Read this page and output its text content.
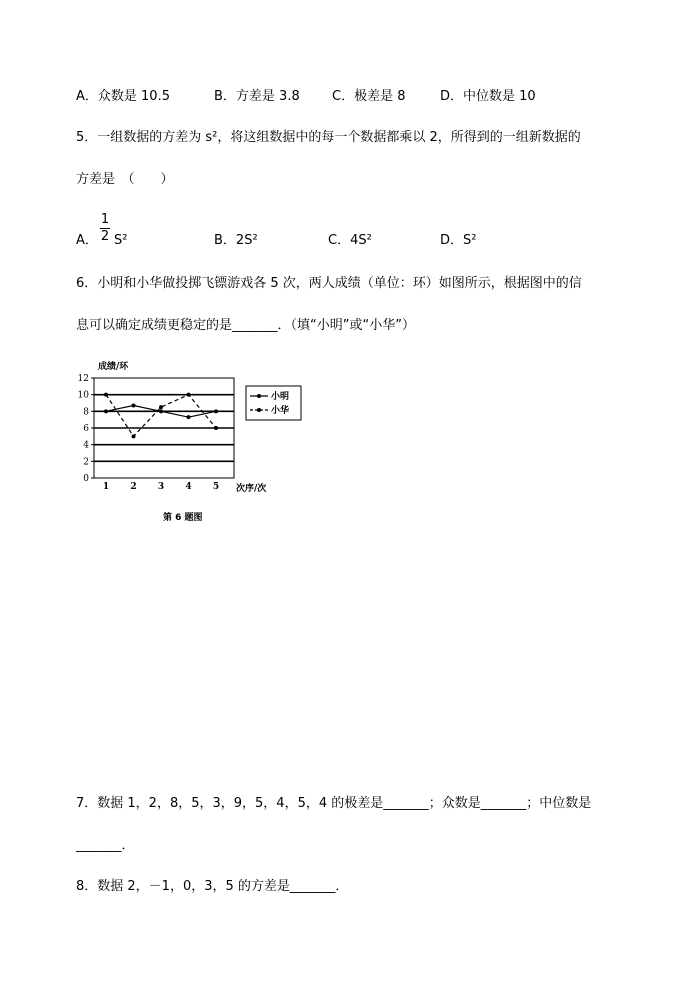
A．众数是 10.5	B．方差是 3.8 C．极差是 8	D．中位数是 10
5．一组数据的方差为 s²，将这组数据中的每一个数据都乘以 2，所得到的一组新数据的
方差是　（　　）
A．
1
2 S²	B．2S²	C．4S²	D．S²
6．小明和小华做投掷飞镖游戏各 5 次，两人成绩（单位：环）如图所示，根据图中的信
息可以确定成绩更稳定的是_______．（填“小明”或“小华”）
0
2
4
6
8
10
12
1 2 3 4 5
成绩/环
次序/次
小明
小华
第 6 题图
7．数据 1，2，8，5，3，9，5，4，5，4 的极差是_______；众数是_______；中位数是
_______．
8．数据 2，－1，0，3，5 的方差是_______．
